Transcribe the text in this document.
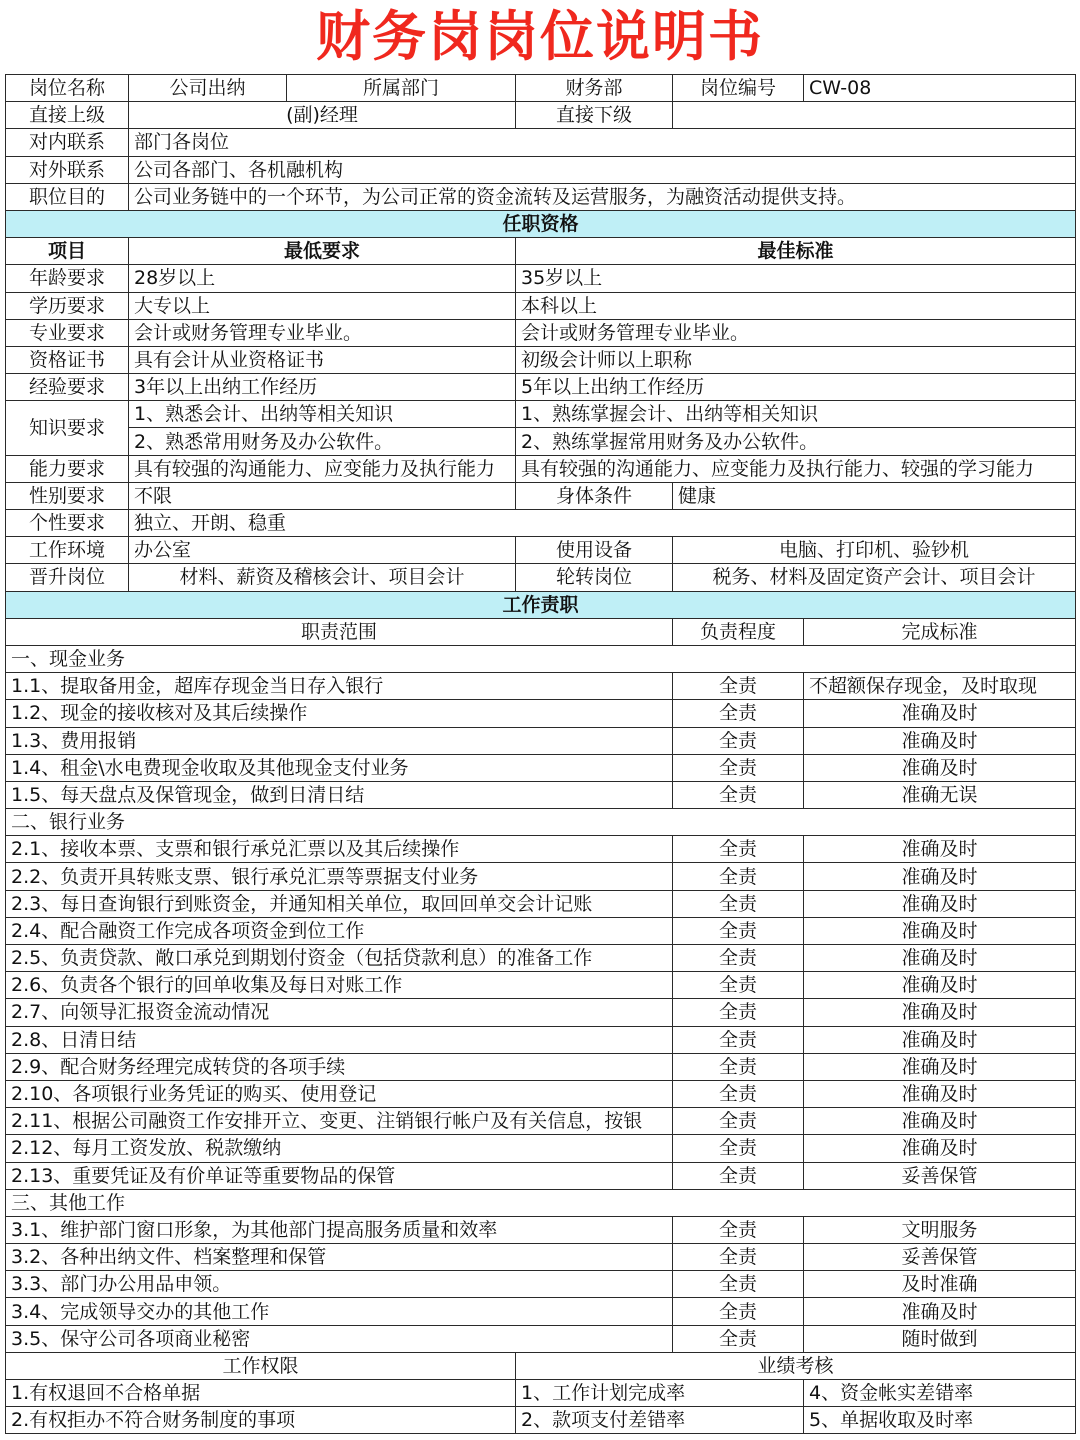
财务岗岗位说明书
岗位名称	公司出纳	所属部门	财务部	岗位编号	CW-08
直接上级	(副)经理		直接下级		
对内联系	部门各岗位				
对外联系	公司各部门、各机融机构				
职位目的	公司业务链中的一个环节，为公司正常的资金流转及运营服务，为融资活动提供支持。				
任职资格					
项目	最低要求		最佳标准		
年龄要求	28岁以上		35岁以上		
学历要求	大专以上		本科以上		
专业要求	会计或财务管理专业毕业。		会计或财务管理专业毕业。		
资格证书	具有会计从业资格证书		初级会计师以上职称		
经验要求	3年以上出纳工作经历		5年以上出纳工作经历		
知识要求	1、熟悉会计、出纳等相关知识		1、熟练掌握会计、出纳等相关知识		
	2、熟悉常用财务及办公软件。		2、熟练掌握常用财务及办公软件。		
能力要求	具有较强的沟通能力、应变能力及执行能力		具有较强的沟通能力、应变能力及执行能力、较强的学习能力		
性别要求	不限		身体条件	健康	
个性要求	独立、开朗、稳重				
工作环境	办公室		使用设备	电脑、打印机、验钞机	
晋升岗位	材料、薪资及稽核会计、项目会计		轮转岗位	税务、材料及固定资产会计、项目会计	
工作责职					
职责范围				负责程度	完成标准
一、现金业务					
1.1、提取备用金，超库存现金当日存入银行				全责	不超额保存现金，及时取现
1.2、现金的接收核对及其后续操作				全责	准确及时
1.3、费用报销				全责	准确及时
1.4、租金\水电费现金收取及其他现金支付业务				全责	准确及时
1.5、每天盘点及保管现金，做到日清日结				全责	准确无误
二、银行业务					
2.1、接收本票、支票和银行承兑汇票以及其后续操作				全责	准确及时
2.2、负责开具转账支票、银行承兑汇票等票据支付业务				全责	准确及时
2.3、每日查询银行到账资金，并通知相关单位，取回回单交会计记账				全责	准确及时
2.4、配合融资工作完成各项资金到位工作				全责	准确及时
2.5、负责贷款、敞口承兑到期划付资金（包括贷款利息）的准备工作				全责	准确及时
2.6、负责各个银行的回单收集及每日对账工作				全责	准确及时
2.7、向领导汇报资金流动情况				全责	准确及时
2.8、日清日结				全责	准确及时
2.9、配合财务经理完成转贷的各项手续				全责	准确及时
2.10、各项银行业务凭证的购买、使用登记				全责	准确及时
2.11、根据公司融资工作安排开立、变更、注销银行帐户及有关信息，按银				全责	准确及时
2.12、每月工资发放、税款缴纳				全责	准确及时
2.13、重要凭证及有价单证等重要物品的保管				全责	妥善保管
三、其他工作					
3.1、维护部门窗口形象，为其他部门提高服务质量和效率				全责	文明服务
3.2、各种出纳文件、档案整理和保管				全责	妥善保管
3.3、部门办公用品申领。				全责	及时准确
3.4、完成领导交办的其他工作				全责	准确及时
3.5、保守公司各项商业秘密				全责	随时做到
工作权限			业绩考核		
1.有权退回不合格单据			1、工作计划完成率		4、资金帐实差错率
2.有权拒办不符合财务制度的事项			2、款项支付差错率		5、单据收取及时率
